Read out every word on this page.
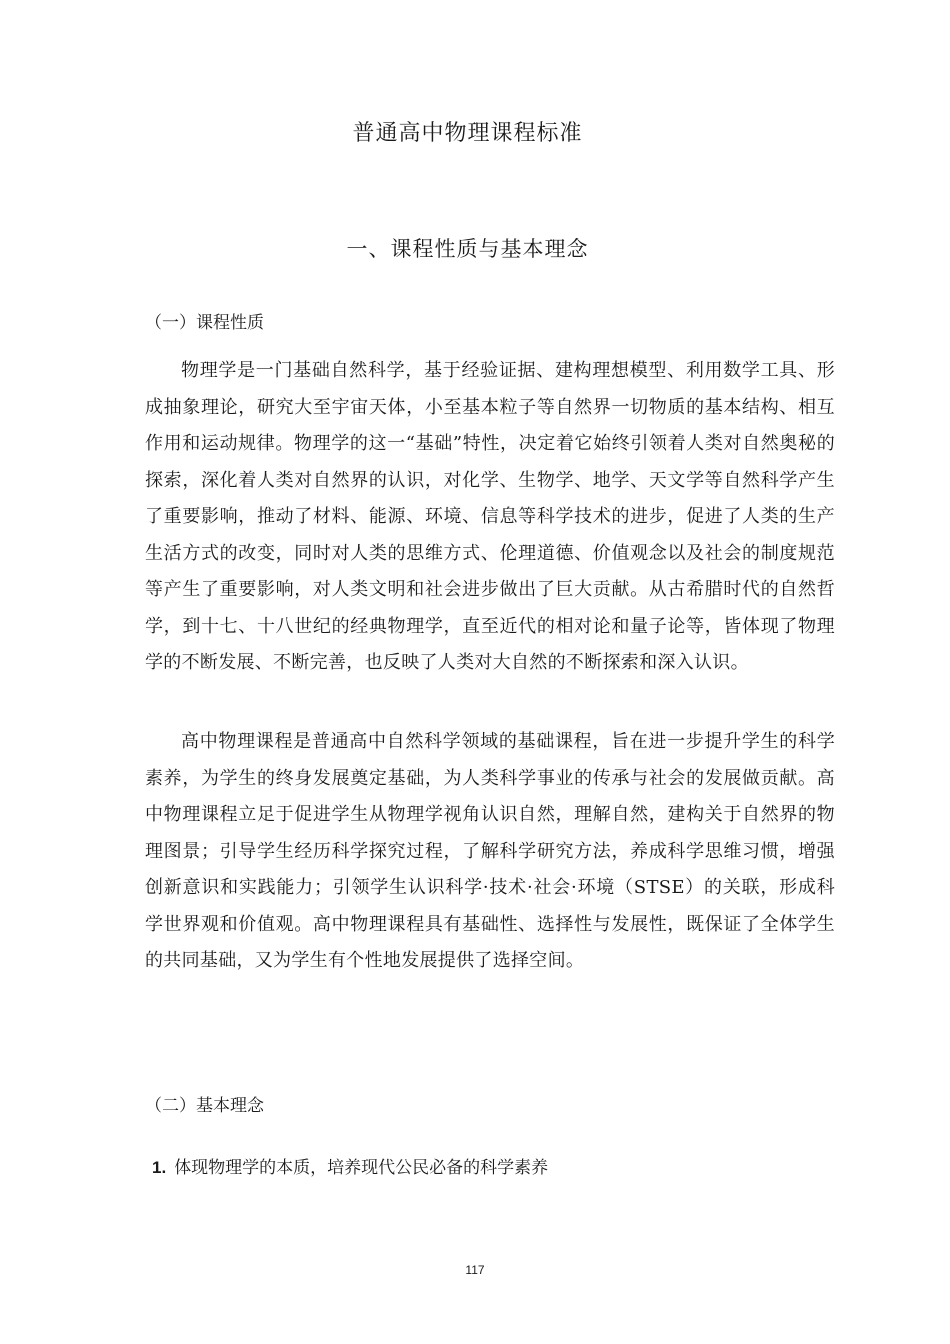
普通高中物理课程标准
一、课程性质与基本理念
（一）课程性质

物理学是一门基础自然科学，基于经验证据、建构理想模型、利用数学工具、形成抽象理论，研究大至宇宙天体，小至基本粒子等自然界一切物质的基本结构、相互作用和运动规律。物理学的这一“基础”特性，决定着它始终引领着人类对自然奥秘的探索，深化着人类对自然界的认识，对化学、生物学、地学、天文学等自然科学产生了重要影响，推动了材料、能源、环境、信息等科学技术的进步，促进了人类的生产生活方式的改变，同时对人类的思维方式、伦理道德、价值观念以及社会的制度规范等产生了重要影响，对人类文明和社会进步做出了巨大贡献。从古希腊时代的自然哲学，到十七、十八世纪的经典物理学，直至近代的相对论和量子论等，皆体现了物理学的不断发展、不断完善，也反映了人类对大自然的不断探索和深入认识。

高中物理课程是普通高中自然科学领域的基础课程，旨在进一步提升学生的科学素养，为学生的终身发展奠定基础，为人类科学事业的传承与社会的发展做贡献。高中物理课程立足于促进学生从物理学视角认识自然，理解自然，建构关于自然界的物理图景；引导学生经历科学探究过程，了解科学研究方法，养成科学思维习惯，增强创新意识和实践能力；引领学生认识科学·技术·社会·环境（STSE）的关联，形成科学世界观和价值观。高中物理课程具有基础性、选择性与发展性，既保证了全体学生的共同基础，又为学生有个性地发展提供了选择空间。

（二）基本理念
1. 体现物理学的本质，培养现代公民必备的科学素养
117
